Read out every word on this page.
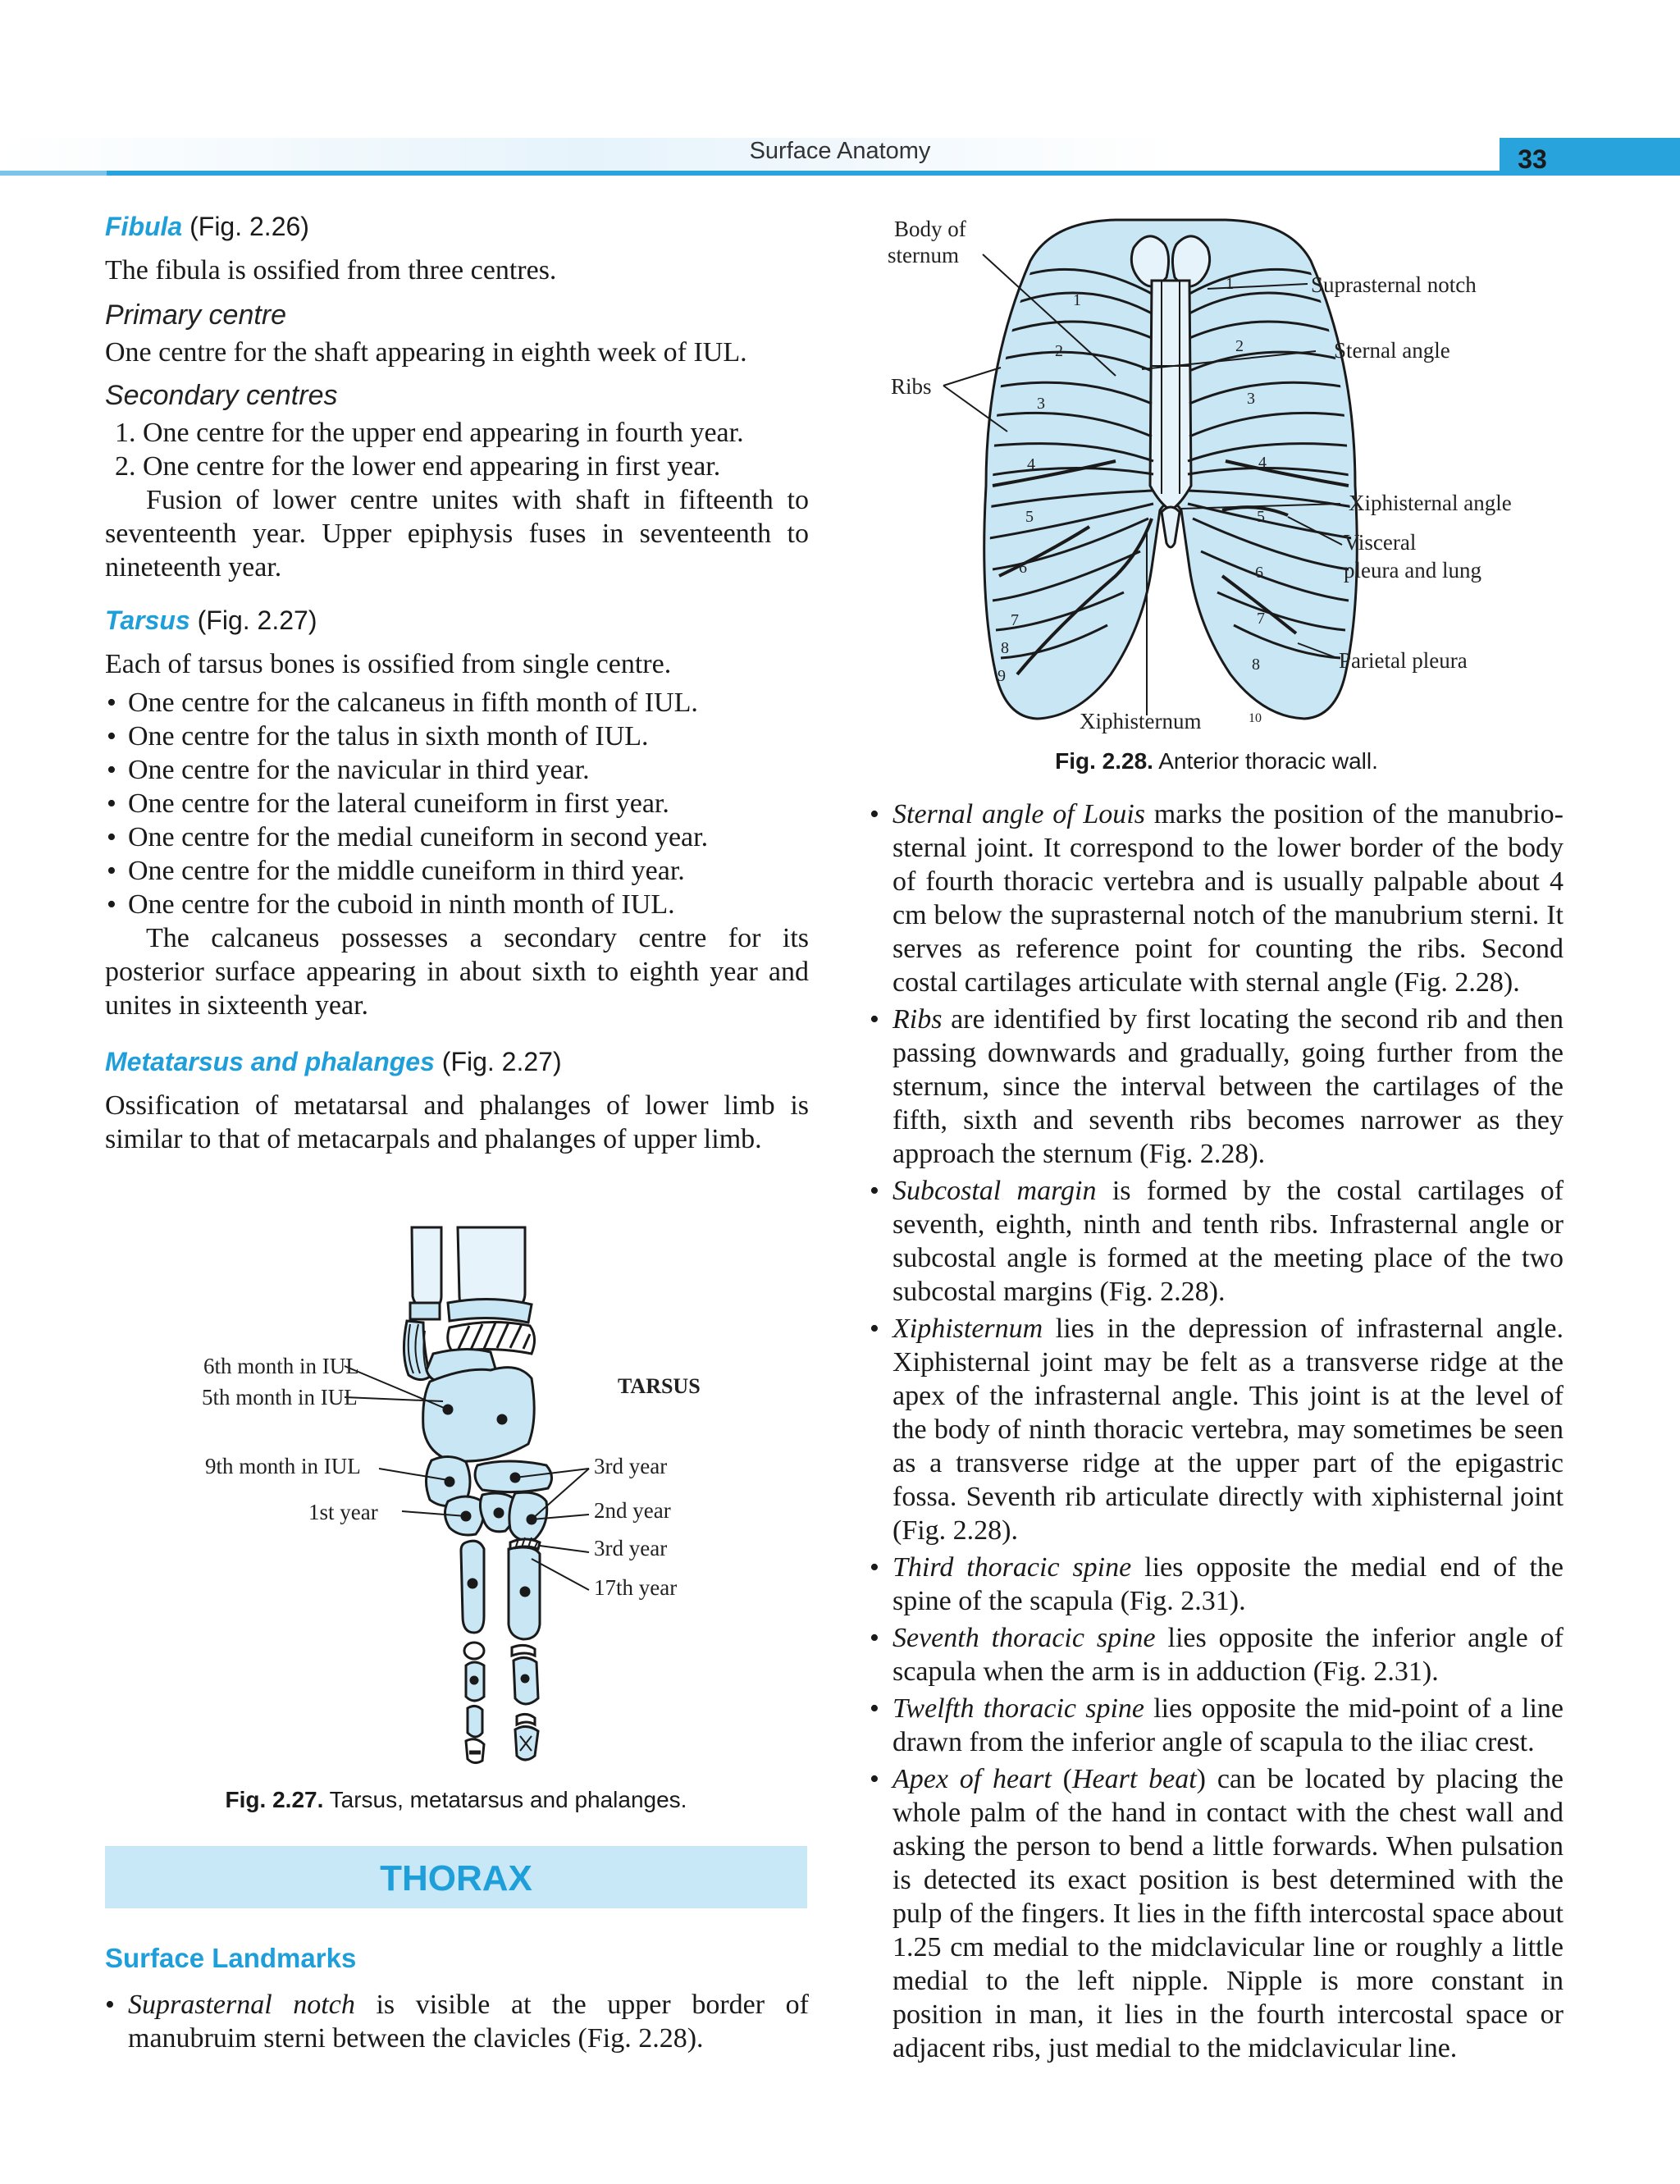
Surface Anatomy	33

Fibula (Fig. 2.26)

The fibula is ossified from three centres.

Primary centre

One centre for the shaft appearing in eighth week of IUL.

Secondary centres

1. One centre for the upper end appearing in fourth year.

2. One centre for the lower end appearing in first year.

Fusion of lower centre unites with shaft in fifteenth to seventeenth year. Upper epiphysis fuses in seventeenth to nineteenth year.

Tarsus (Fig. 2.27)

Each of tarsus bones is ossified from single centre.

• One centre for the calcaneus in fifth month of IUL.

• One centre for the talus in sixth month of IUL.

• One centre for the navicular in third year.

• One centre for the lateral cuneiform in first year.

• One centre for the medial cuneiform in second year.

• One centre for the middle cuneiform in third year.

• One centre for the cuboid in ninth month of IUL.

The calcaneus possesses a secondary centre for its posterior surface appearing in about sixth to eighth year and unites in sixteenth year.

Metatarsus and phalanges (Fig. 2.27)

Ossification of metatarsal and phalanges of lower limb is similar to that of metacarpals and phalanges of upper limb.

6th month in IUL
5th month in IUL	TARSUS
9th month in IUL
1st year
3rd year
2nd year
3rd year
17th year
Fig. 2.27. Tarsus, metatarsus and phalanges.
THORAX

Surface Landmarks

• Suprasternal notch is visible at the upper border of manubruim sterni between the clavicles (Fig. 2.28).

1
2
3
4
5
6
7
8
9
1
2
3
4
5
6
7
8
10
Body of
sternum
Ribs
Suprasternal notch
Sternal angle
Xiphisternal angle
Visceral
pleura and lung
Parietal pleura
Xiphisternum
Fig. 2.28. Anterior thoracic wall.

• Sternal angle of Louis marks the position of the manubrio-sternal joint. It correspond to the lower border of the body of fourth thoracic vertebra and is usually palpable about 4 cm below the suprasternal notch of the manubrium sterni. It serves as reference point for counting the ribs. Second costal cartilages articulate with sternal angle (Fig. 2.28).

• Ribs are identified by first locating the second rib and then passing downwards and gradually, going further from the sternum, since the interval between the cartilages of the fifth, sixth and seventh ribs becomes narrower as they approach the sternum (Fig. 2.28).

• Subcostal margin is formed by the costal cartilages of seventh, eighth, ninth and tenth ribs. Infrasternal angle or subcostal angle is formed at the meeting place of the two subcostal margins (Fig. 2.28).

• Xiphisternum lies in the depression of infrasternal angle. Xiphisternal joint may be felt as a transverse ridge at the apex of the infrasternal angle. This joint is at the level of the body of ninth thoracic vertebra, may sometimes be seen as a transverse ridge at the upper part of the epigastric fossa. Seventh rib articulate directly with xiphisternal joint (Fig. 2.28).

• Third thoracic spine lies opposite the medial end of the spine of the scapula (Fig. 2.31).

• Seventh thoracic spine lies opposite the inferior angle of scapula when the arm is in adduction (Fig. 2.31).

• Twelfth thoracic spine lies opposite the mid-point of a line drawn from the inferior angle of scapula to the iliac crest.

• Apex of heart (Heart beat) can be located by placing the whole palm of the hand in contact with the chest wall and asking the person to bend a little forwards. When pulsation is detected its exact position is best determined with the pulp of the fingers. It lies in the fifth intercostal space about 1.25 cm medial to the midclavicular line or roughly a little medial to the left nipple. Nipple is more constant in position in man, it lies in the fourth intercostal space or adjacent ribs, just medial to the midclavicular line.
